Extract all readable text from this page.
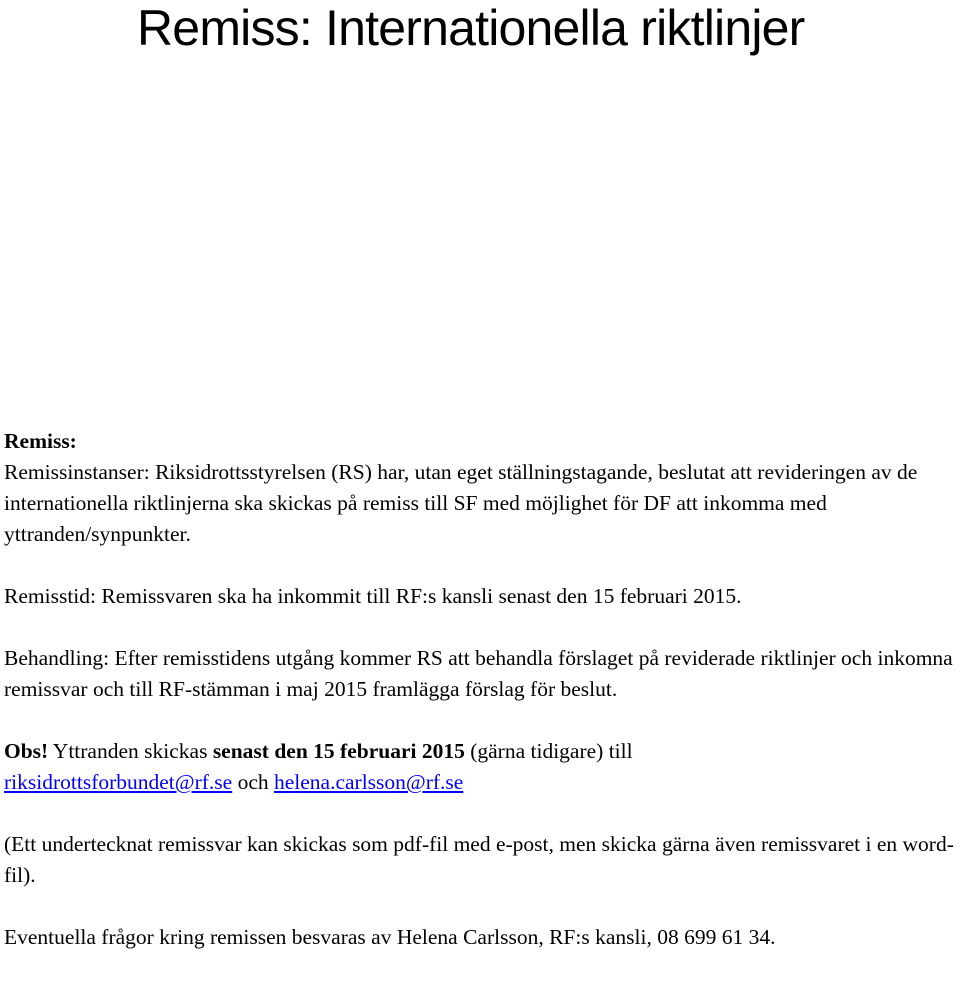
Remiss: Internationella riktlinjer

Remiss:

Remissinstanser: Riksidrottsstyrelsen (RS) har, utan eget ställningstagande, beslutat att revideringen av de internationella riktlinjerna ska skickas på remiss till SF med möjlighet för DF att inkomma med yttranden/synpunkter.

Remisstid: Remissvaren ska ha inkommit till RF:s kansli senast den 15 februari 2015.

Behandling: Efter remisstidens utgång kommer RS att behandla förslaget på reviderade riktlinjer och inkomna remissvar och till RF-stämman i maj 2015 framlägga förslag för beslut.

Obs! Yttranden skickas senast den 15 februari 2015 (gärna tidigare) till
riksidrottsforbundet@rf.se och helena.carlsson@rf.se

(Ett undertecknat remissvar kan skickas som pdf-fil med e-post, men skicka gärna även remissvaret i en word-fil).

Eventuella frågor kring remissen besvaras av Helena Carlsson, RF:s kansli, 08 699 61 34.
